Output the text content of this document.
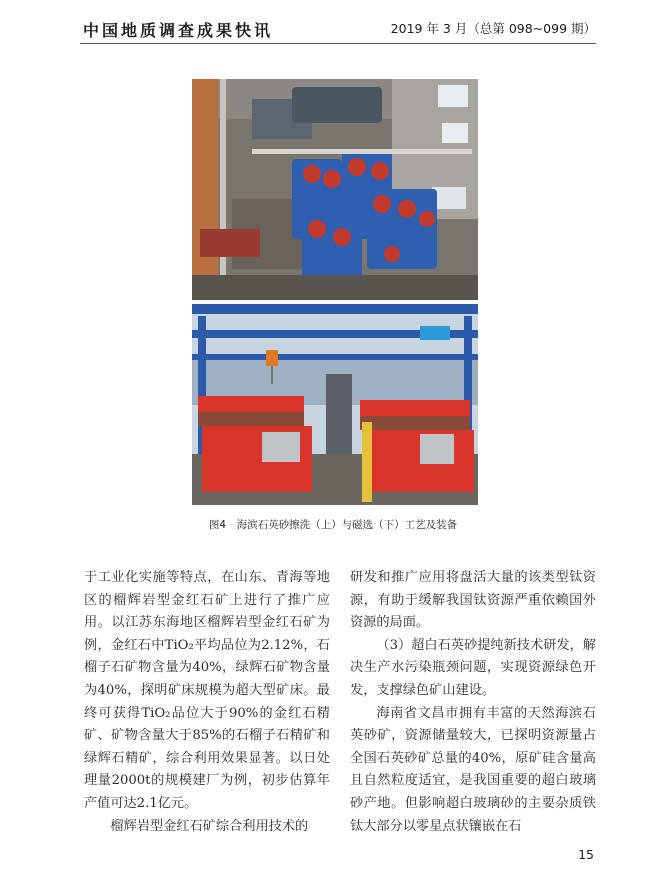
中国地质调查成果快讯	2019 年 3 月（总第 098~099 期）
图4　海滨石英砂擦洗（上）与磁选（下）工艺及装备

于工业化实施等特点，在山东、青海等地区的榴辉岩型金红石矿上进行了推广应用。以江苏东海地区榴辉岩型金红石矿为例，金红石中TiO₂平均品位为2.12%，石榴子石矿物含量为40%，绿辉石矿物含量为40%，探明矿床规模为超大型矿床。最终可获得TiO₂品位大于90%的金红石精矿、矿物含量大于85%的石榴子石精矿和绿辉石精矿，综合利用效果显著。以日处理量2000t的规模建厂为例，初步估算年产值可达2.1亿元。

榴辉岩型金红石矿综合利用技术的

研发和推广应用将盘活大量的该类型钛资源，有助于缓解我国钛资源严重依赖国外资源的局面。

（3）超白石英砂提纯新技术研发，解决生产水污染瓶颈问题，实现资源绿色开发，支撑绿色矿山建设。

海南省文昌市拥有丰富的天然海滨石英砂矿，资源储量较大，已探明资源量占全国石英砂矿总量的40%，原矿硅含量高且自然粒度适宜，是我国重要的超白玻璃砂产地。但影响超白玻璃砂的主要杂质铁钛大部分以零星点状镶嵌在石

15
